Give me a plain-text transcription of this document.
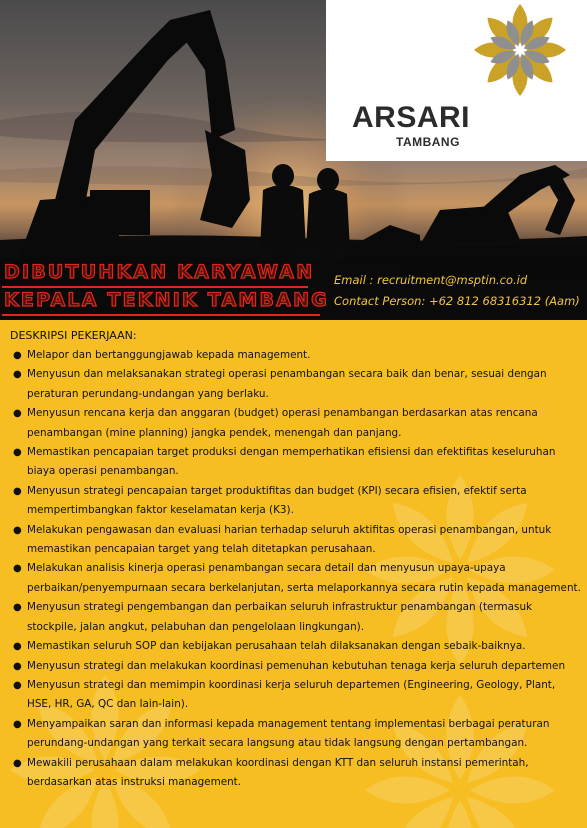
ARSARI
TAMBANG
DIBUTUHKAN KARYAWAN
KEPALA TEKNIK TAMBANG
Email : recruitment@msptin.co.id
Contact Person: +62 812 68316312 (Aam)
DESKRIPSI PEKERJAAN:
● Melapor dan bertanggungjawab kepada management.
● Menyusun dan melaksanakan strategi operasi penambangan secara baik dan benar, sesuai dengan peraturan perundang-undangan yang berlaku.
● Menyusun rencana kerja dan anggaran (budget) operasi penambangan berdasarkan atas rencana penambangan (mine planning) jangka pendek, menengah dan panjang.
● Memastikan pencapaian target produksi dengan memperhatikan efisiensi dan efektifitas keseluruhan biaya operasi penambangan.
● Menyusun strategi pencapaian target produktifitas dan budget (KPI) secara efisien, efektif serta mempertimbangkan faktor keselamatan kerja (K3).
● Melakukan pengawasan dan evaluasi harian terhadap seluruh aktifitas operasi penambangan, untuk memastikan pencapaian target yang telah ditetapkan perusahaan.
● Melakukan analisis kinerja operasi penambangan secara detail dan menyusun upaya-upaya perbaikan/penyempurnaan secara berkelanjutan, serta melaporkannya secara rutin kepada management.
● Menyusun strategi pengembangan dan perbaikan seluruh infrastruktur penambangan (termasuk stockpile, jalan angkut, pelabuhan dan pengelolaan lingkungan).
● Memastikan seluruh SOP dan kebijakan perusahaan telah dilaksanakan dengan sebaik-baiknya.
● Menyusun strategi dan melakukan koordinasi pemenuhan kebutuhan tenaga kerja seluruh departemen
● Menyusun strategi dan memimpin koordinasi kerja seluruh departemen (Engineering, Geology, Plant, HSE, HR, GA, QC dan lain-lain).
● Menyampaikan saran dan informasi kepada management tentang implementasi berbagai peraturan perundang-undangan yang terkait secara langsung atau tidak langsung dengan pertambangan.
● Mewakili perusahaan dalam melakukan koordinasi dengan KTT dan seluruh instansi pemerintah, berdasarkan atas instruksi management.
